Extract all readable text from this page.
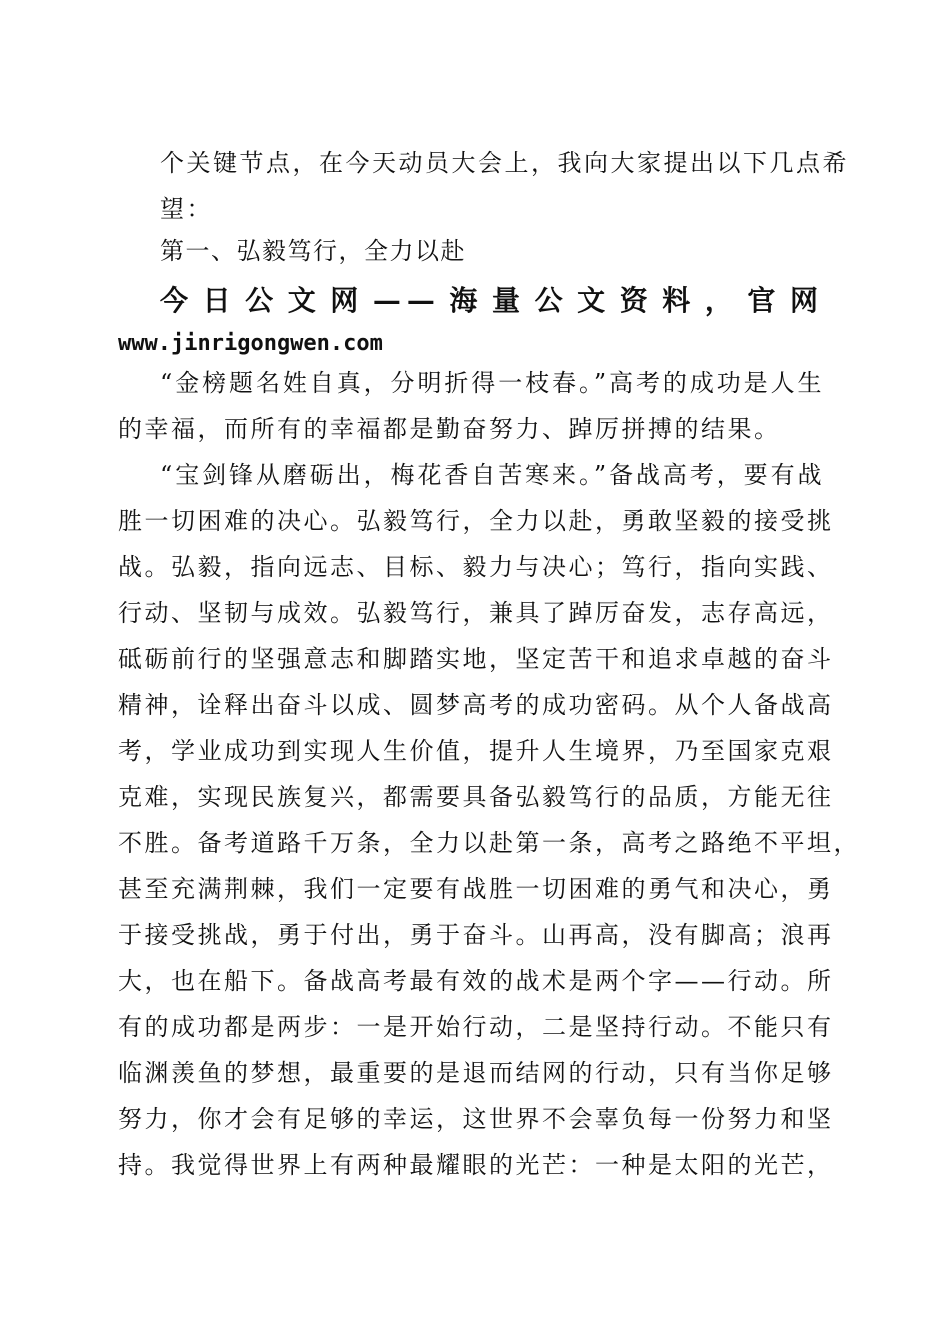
个关键节点，在今天动员大会上，我向大家提出以下几点希
望：
第一、弘毅笃行，全力以赴
今日公文网——海量公文资料，官网
www.jinrigongwen.com
“金榜题名姓自真，分明折得一枝春。”高考的成功是人生
的幸福，而所有的幸福都是勤奋努力、踔厉拼搏的结果。
“宝剑锋从磨砺出，梅花香自苦寒来。”备战高考，要有战
胜一切困难的决心。弘毅笃行，全力以赴，勇敢坚毅的接受挑
战。弘毅，指向远志、目标、毅力与决心；笃行，指向实践、
行动、坚韧与成效。弘毅笃行，兼具了踔厉奋发，志存高远，
砥砺前行的坚强意志和脚踏实地，坚定苦干和追求卓越的奋斗
精神，诠释出奋斗以成、圆梦高考的成功密码。从个人备战高
考，学业成功到实现人生价值，提升人生境界，乃至国家克艰
克难，实现民族复兴，都需要具备弘毅笃行的品质，方能无往
不胜。备考道路千万条，全力以赴第一条，高考之路绝不平坦，
甚至充满荆棘，我们一定要有战胜一切困难的勇气和决心，勇
于接受挑战，勇于付出，勇于奋斗。山再高，没有脚高；浪再
大，也在船下。备战高考最有效的战术是两个字——行动。所
有的成功都是两步：一是开始行动，二是坚持行动。不能只有
临渊羡鱼的梦想，最重要的是退而结网的行动，只有当你足够
努力，你才会有足够的幸运，这世界不会辜负每一份努力和坚
持。我觉得世界上有两种最耀眼的光芒：一种是太阳的光芒，
